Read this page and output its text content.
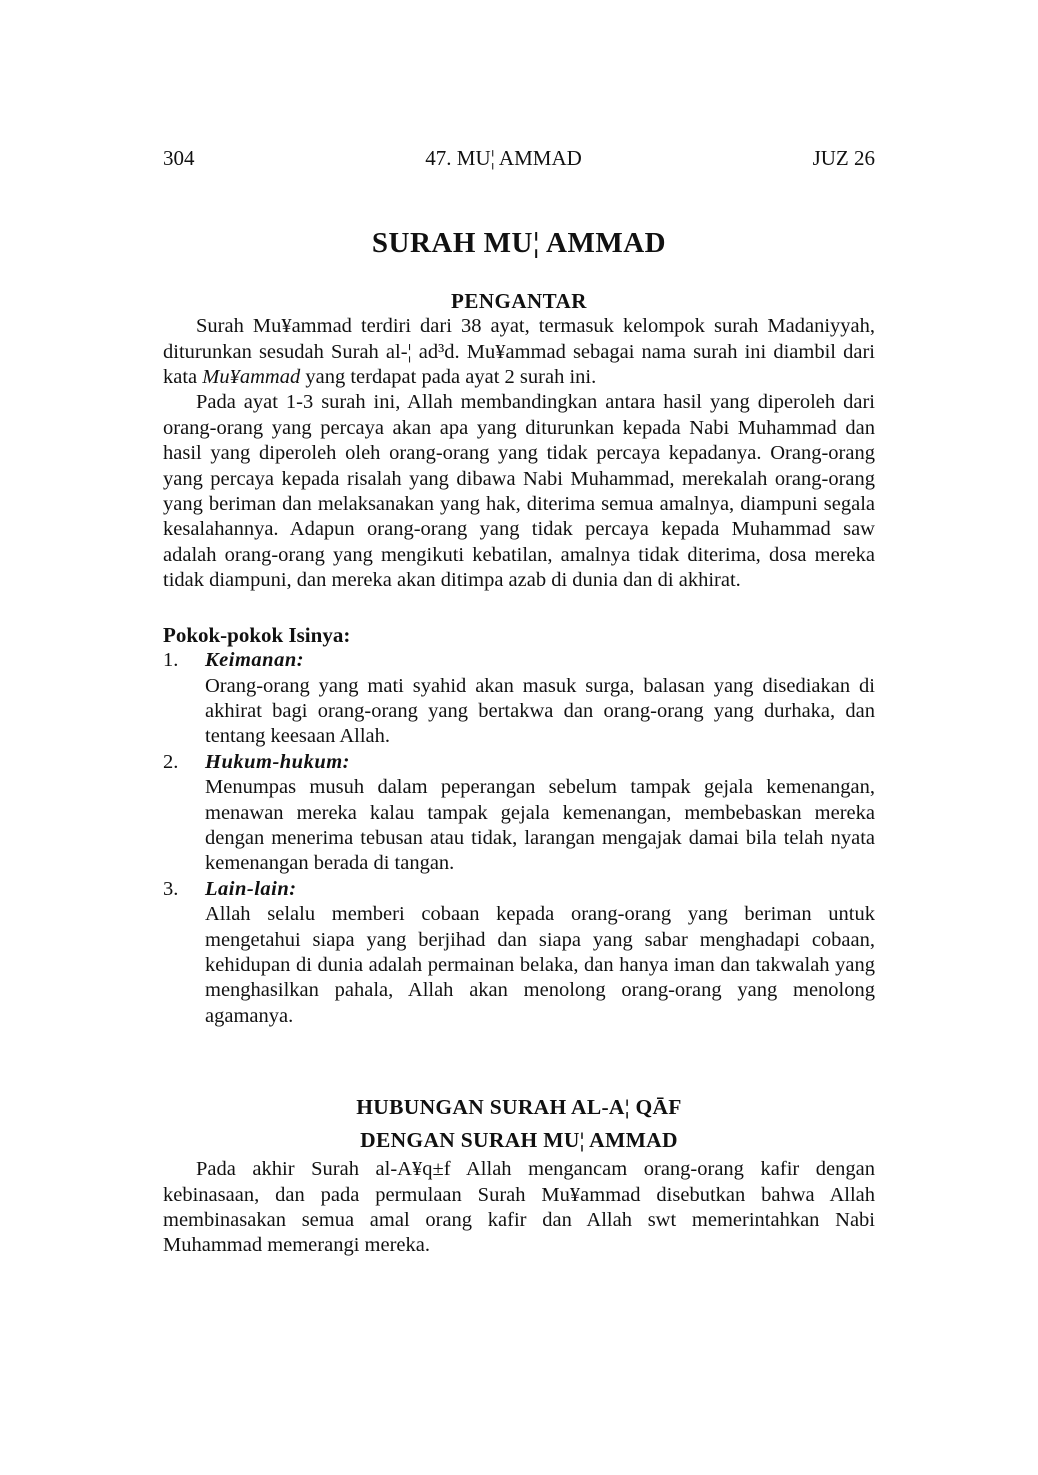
304	47. MU¦ AMMAD	JUZ 26
SURAH MU¦ AMMAD
PENGANTAR

Surah Mu¥ammad terdiri dari 38 ayat, termasuk kelompok surah Madaniyyah, diturunkan sesudah Surah al-¦ ad³d. Mu¥ammad sebagai nama surah ini diambil dari kata Mu¥ammad yang terdapat pada ayat 2 surah ini.

Pada ayat 1-3 surah ini, Allah membandingkan antara hasil yang diperoleh dari orang-orang yang percaya akan apa yang diturunkan kepada Nabi Muhammad dan hasil yang diperoleh oleh orang-orang yang tidak percaya kepadanya. Orang-orang yang percaya kepada risalah yang dibawa Nabi Muhammad, merekalah orang-orang yang beriman dan melaksanakan yang hak, diterima semua amalnya, diampuni segala kesalahannya. Adapun orang-orang yang tidak percaya kepada Muhammad saw adalah orang-orang yang mengikuti kebatilan, amalnya tidak diterima, dosa mereka tidak diampuni, dan mereka akan ditimpa azab di dunia dan di akhirat.

Pokok-pokok Isinya:
1. Keimanan:

Orang-orang yang mati syahid akan masuk surga, balasan yang disediakan di akhirat bagi orang-orang yang bertakwa dan orang-orang yang durhaka, dan tentang keesaan Allah.

2. Hukum-hukum:

Menumpas musuh dalam peperangan sebelum tampak gejala kemenangan, menawan mereka kalau tampak gejala kemenangan, membebaskan mereka dengan menerima tebusan atau tidak, larangan mengajak damai bila telah nyata kemenangan berada di tangan.

3. Lain-lain:

Allah selalu memberi cobaan kepada orang-orang yang beriman untuk mengetahui siapa yang berjihad dan siapa yang sabar menghadapi cobaan, kehidupan di dunia adalah permainan belaka, dan hanya iman dan takwalah yang menghasilkan pahala, Allah akan menolong orang-orang yang menolong agamanya.

HUBUNGAN SURAH AL-A¦ QĀF
DENGAN SURAH MU¦ AMMAD

Pada akhir Surah al-A¥q±f Allah mengancam orang-orang kafir dengan kebinasaan, dan pada permulaan Surah Mu¥ammad disebutkan bahwa Allah membinasakan semua amal orang kafir dan Allah swt memerintahkan Nabi Muhammad memerangi mereka.
